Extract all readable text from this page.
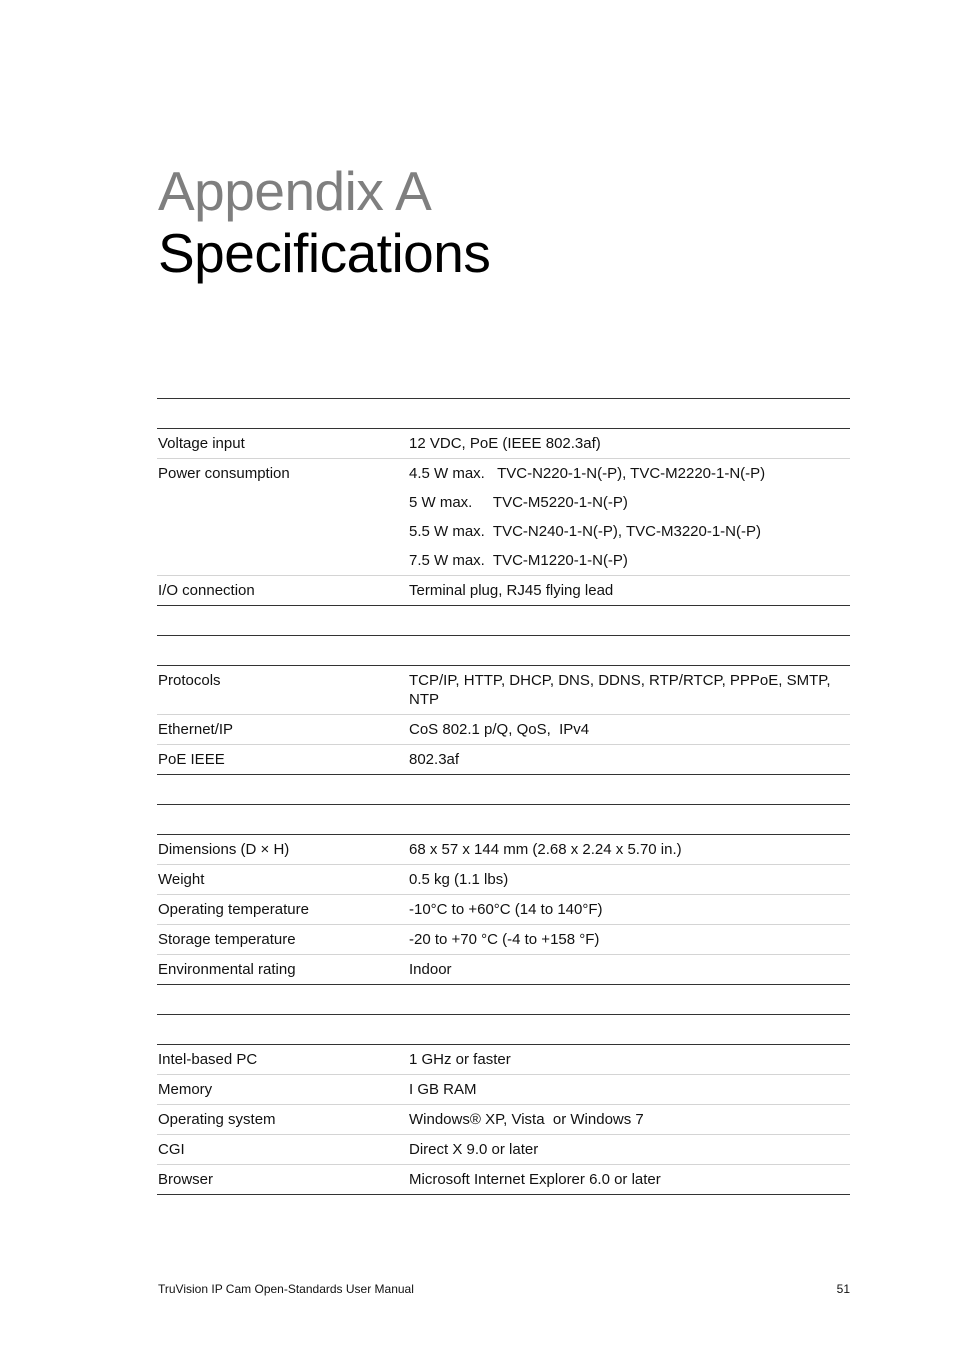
Appendix A
Specifications
Voltage input	12 VDC, PoE (IEEE 802.3af)
Power consumption	4.5 W max.   TVC-N220-1-N(-P), TVC-M2220-1-N(-P)
5 W max.     TVC-M5220-1-N(-P)
5.5 W max.  TVC-N240-1-N(-P), TVC-M3220-1-N(-P)
7.5 W max.  TVC-M1220-1-N(-P)
I/O connection	Terminal plug, RJ45 flying lead
Protocols	TCP/IP, HTTP, DHCP, DNS, DDNS, RTP/RTCP, PPPoE, SMTP, NTP
Ethernet/IP	CoS 802.1 p/Q, QoS,  IPv4
PoE IEEE	802.3af
Dimensions (D × H)	68 x 57 x 144 mm (2.68 x 2.24 x 5.70 in.)
Weight	0.5 kg (1.1 lbs)
Operating temperature	-10°C to +60°C (14 to 140°F)
Storage temperature	-20 to +70 °C (-4 to +158 °F)
Environmental rating	Indoor
Intel-based PC	1 GHz or faster
Memory	I GB RAM
Operating system	Windows® XP, Vista  or Windows 7
CGI	Direct X 9.0 or later
Browser	Microsoft Internet Explorer 6.0 or later
TruVision IP Cam Open-Standards User Manual	51
